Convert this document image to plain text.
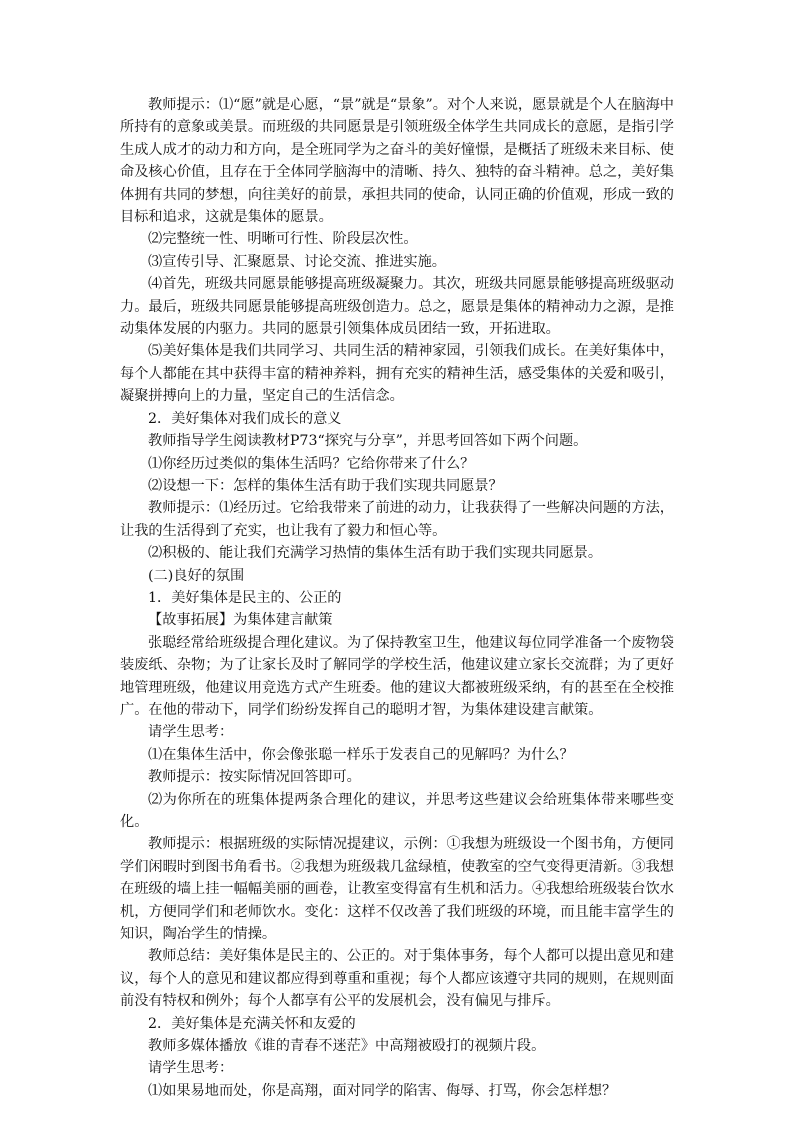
教师提示：⑴“愿”就是心愿，“景”就是“景象”。对个人来说，愿景就是个人在脑海中所持有的意象或美景。而班级的共同愿景是引领班级全体学生共同成长的意愿，是指引学生成人成才的动力和方向，是全班同学为之奋斗的美好憧憬，是概括了班级未来目标、使命及核心价值，且存在于全体同学脑海中的清晰、持久、独特的奋斗精神。总之，美好集体拥有共同的梦想，向往美好的前景，承担共同的使命，认同正确的价值观，形成一致的目标和追求，这就是集体的愿景。

⑵完整统一性、明晰可行性、阶段层次性。

⑶宣传引导、汇聚愿景、讨论交流、推进实施。

⑷首先，班级共同愿景能够提高班级凝聚力。其次，班级共同愿景能够提高班级驱动力。最后，班级共同愿景能够提高班级创造力。总之，愿景是集体的精神动力之源，是推动集体发展的内驱力。共同的愿景引领集体成员团结一致，开拓进取。

⑸美好集体是我们共同学习、共同生活的精神家园，引领我们成长。在美好集体中，每个人都能在其中获得丰富的精神养料，拥有充实的精神生活，感受集体的关爱和吸引，凝聚拼搏向上的力量，坚定自己的生活信念。

2．美好集体对我们成长的意义

教师指导学生阅读教材P73“探究与分享”，并思考回答如下两个问题。

⑴你经历过类似的集体生活吗？它给你带来了什么？

⑵设想一下：怎样的集体生活有助于我们实现共同愿景？

教师提示：⑴经历过。它给我带来了前进的动力，让我获得了一些解决问题的方法，让我的生活得到了充实，也让我有了毅力和恒心等。

⑵积极的、能让我们充满学习热情的集体生活有助于我们实现共同愿景。

(二)良好的氛围

1．美好集体是民主的、公正的

【故事拓展】为集体建言献策

张聪经常给班级提合理化建议。为了保持教室卫生，他建议每位同学准备一个废物袋装废纸、杂物；为了让家长及时了解同学的学校生活，他建议建立家长交流群；为了更好地管理班级，他建议用竞选方式产生班委。他的建议大都被班级采纳，有的甚至在全校推广。在他的带动下，同学们纷纷发挥自己的聪明才智，为集体建设建言献策。

请学生思考：

⑴在集体生活中，你会像张聪一样乐于发表自己的见解吗？为什么？

教师提示：按实际情况回答即可。

⑵为你所在的班集体提两条合理化的建议，并思考这些建议会给班集体带来哪些变化。

教师提示：根据班级的实际情况提建议，示例：①我想为班级设一个图书角，方便同学们闲暇时到图书角看书。②我想为班级栽几盆绿植，使教室的空气变得更清新。③我想在班级的墙上挂一幅幅美丽的画卷，让教室变得富有生机和活力。④我想给班级装台饮水机，方便同学们和老师饮水。变化：这样不仅改善了我们班级的环境，而且能丰富学生的知识，陶冶学生的情操。

教师总结：美好集体是民主的、公正的。对于集体事务，每个人都可以提出意见和建议，每个人的意见和建议都应得到尊重和重视；每个人都应该遵守共同的规则，在规则面前没有特权和例外；每个人都享有公平的发展机会，没有偏见与排斥。

2．美好集体是充满关怀和友爱的

教师多媒体播放《谁的青春不迷茫》中高翔被殴打的视频片段。

请学生思考：

⑴如果易地而处，你是高翔，面对同学的陷害、侮辱、打骂，你会怎样想？
